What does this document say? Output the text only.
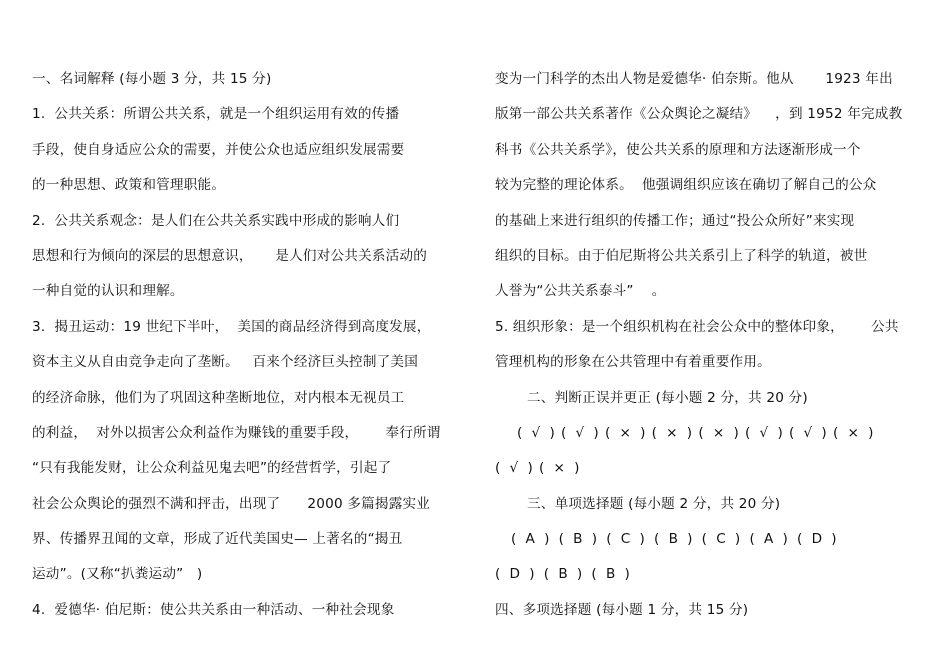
一、名词解释 (每小题 3 分，共 15 分)
1.  公共关系：所谓公共关系，就是一个组织运用有效的传播
手段，使自身适应公众的需要，并使公众也适应组织发展需要
的一种思想、政策和管理职能。
2.  公共关系观念：是人们在公共关系实践中形成的影响人们
思想和行为倾向的深层的思想意识，     是人们对公共关系活动的
一种自觉的认识和理解。
3.  揭丑运动：19 世纪下半叶，  美国的商品经济得到高度发展，
资本主义从自由竞争走向了垄断。   百来个经济巨头控制了美国
的经济命脉，他们为了巩固这种垄断地位，对内根本无视员工
的利益，  对外以损害公众利益作为赚钱的重要手段，      奉行所谓
“只有我能发财，让公众利益见鬼去吧”的经营哲学，引起了
社会公众舆论的强烈不满和抨击，出现了      2000 多篇揭露实业
界、传播界丑闻的文章，形成了近代美国史— 上著名的“揭丑
运动”。(又称“扒粪运动”   )
4.  爱德华· 伯尼斯：使公共关系由一种活动、一种社会现象
变为一门科学的杰出人物是爱德华· 伯奈斯。他从       1923 年出
版第一部公共关系著作《公众舆论之凝结》    ，到 1952 年完成教
科书《公共关系学》，使公共关系的原理和方法逐渐形成一个
较为完整的理论体系。  他强调组织应该在确切了解自己的公众
的基础上来进行组织的传播工作；通过“投公众所好”来实现
组织的目标。由于伯尼斯将公共关系引上了科学的轨道，被世
人誉为“公共关系泰斗”    。
5. 组织形象：是一个组织机构在社会公众中的整体印象，      公共
管理机构的形象在公共管理中有着重要作用。
二、判断正误并更正 (每小题 2 分，共 20 分)
(  √  ) (  √  ) (  ×  ) (  ×  ) (  ×  ) (  √  ) (  √  ) (  ×  )
(  √  ) (  ×  )
三、单项选择题 (每小题 2 分，共 20 分)
(  A  ) (  B  ) (  C  ) (  B  ) (  C  ) (  A  ) (  D  )
(  D  ) (  B  ) (  B  )
四、多项选择题 (每小题 1 分，共 15 分)
